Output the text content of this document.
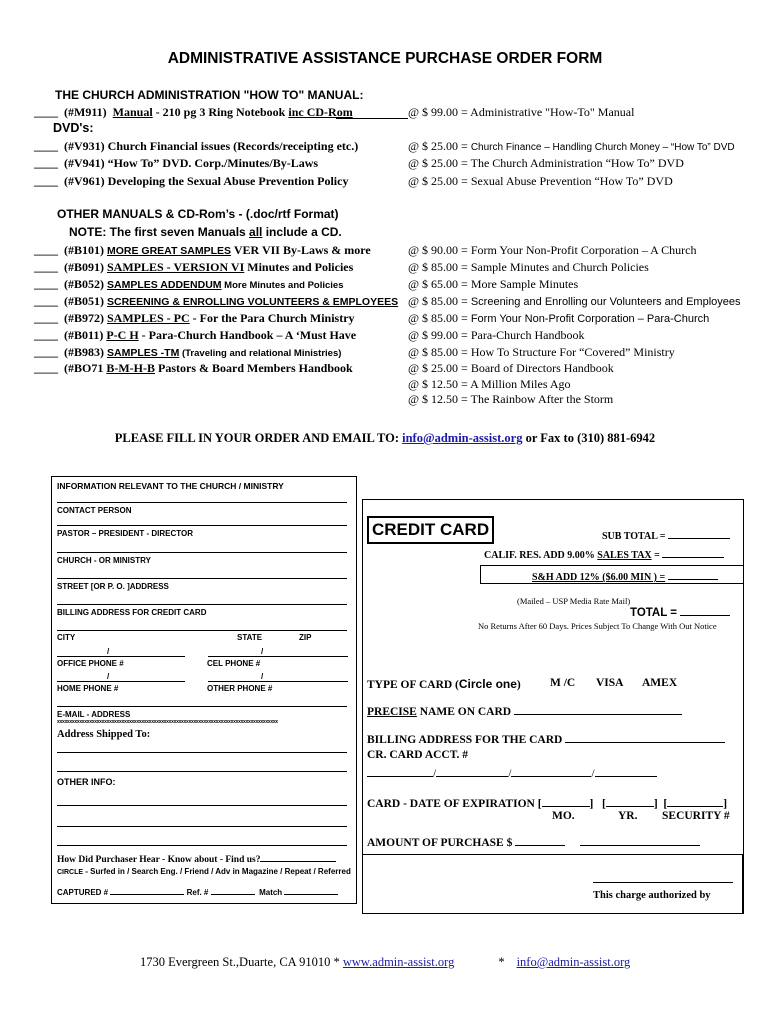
ADMINISTRATIVE ASSISTANCE PURCHASE ORDER FORM
THE CHURCH ADMINISTRATION "HOW TO" MANUAL:
____ (#M911) Manual - 210 pg 3 Ring Notebook inc CD-Rom	@ $ 99.00 = Administrative "How-To" Manual
DVD's:
____ (#V931) Church Financial issues (Records/receipting etc.)	@ $ 25.00 = Church Finance – Handling Church Money – “How To” DVD
____ (#V941) “How To” DVD. Corp./Minutes/By-Laws	@ $ 25.00 = The Church Administration “How To” DVD
____ (#V961) Developing the Sexual Abuse Prevention Policy	@ $ 25.00 = Sexual Abuse Prevention “How To” DVD
OTHER MANUALS & CD-Rom’s - (.doc/rtf Format)
NOTE: The first seven Manuals all include a CD.
____ (#B101) MORE GREAT SAMPLES VER VII By-Laws & more	@ $ 90.00 = Form Your Non-Profit Corporation – A Church
____ (#B091) SAMPLES - VERSION VI Minutes and Policies	@ $ 85.00 = Sample Minutes and Church Policies
____ (#B052) SAMPLES ADDENDUM More Minutes and Policies	@ $ 65.00 = More Sample Minutes
____ (#B051) SCREENING & ENROLLING VOLUNTEERS & EMPLOYEES @ $ 85.00 = Screening and Enrolling our Volunteers and Employees
____ (#B972) SAMPLES - PC - For the Para Church Ministry	@ $ 85.00 = Form Your Non-Profit Corporation – Para-Church
____ (#B011) P-C H - Para-Church Handbook – A ‘Must Have	@ $ 99.00 = Para-Church Handbook
____ (#B983) SAMPLES -TM (Traveling and relational Ministries)	@ $ 85.00 = How To Structure For “Covered” Ministry
____ (#BO71 B-M-H-B Pastors & Board Members Handbook	@ $ 25.00 = Board of Directors Handbook
@ $ 12.50 = A Million Miles Ago
@ $ 12.50 = The Rainbow After the Storm
PLEASE FILL IN YOUR ORDER AND EMAIL TO: info@admin-assist.org or Fax to (310) 881-6942
INFORMATION RELEVANT TO THE CHURCH / MINISTRY
CONTACT PERSON
PASTOR – PRESIDENT - DIRECTOR
CHURCH - OR MINISTRY
STREET [OR P. O. ]ADDRESS
BILLING ADDRESS FOR CREDIT CARD
CITY	STATE	ZIP
/	/
OFFICE PHONE #	CEL PHONE #
/	/
HOME PHONE #	OTHER PHONE #
E-MAIL - ADDRESS
xxxxxxxxxxxxxxxxxxxxxxxxxxxxxxxxxxxxxxxxxxxxxxxxxxxxxxxxxxxxxxxxxxxxxxxxxxxxxxxxxxxxxxxxx
Address Shipped To:
OTHER INFO:
How Did Purchaser Hear - Know about - Find us?
CIRCLE - Surfed in / Search Eng. / Friend / Adv in Magazine / Repeat / Referred
CAPTURED #	Ref. #	Match
CREDIT CARD	SUB TOTAL =
CALIF. RES. ADD 9.00% SALES TAX =
S&H ADD 12% ($6.00 MIN ) =
(Mailed – USP Media Rate Mail)
TOTAL =
No Returns After 60 Days. Prices Subject To Change With Out Notice
TYPE OF CARD (Circle one)	M /C VISA AMEX
PRECISE NAME ON CARD
BILLING ADDRESS FOR THE CARD
CR. CARD ACCT. #
/	/	/
CARD - DATE OF EXPIRATION [	]   [	]  [	]
MO.	YR. SECURITY #
AMOUNT OF PURCHASE $
This charge authorized by
1730 Evergreen St.,Duarte, CA 91010 * www.admin-assist.org	* info@admin-assist.org
